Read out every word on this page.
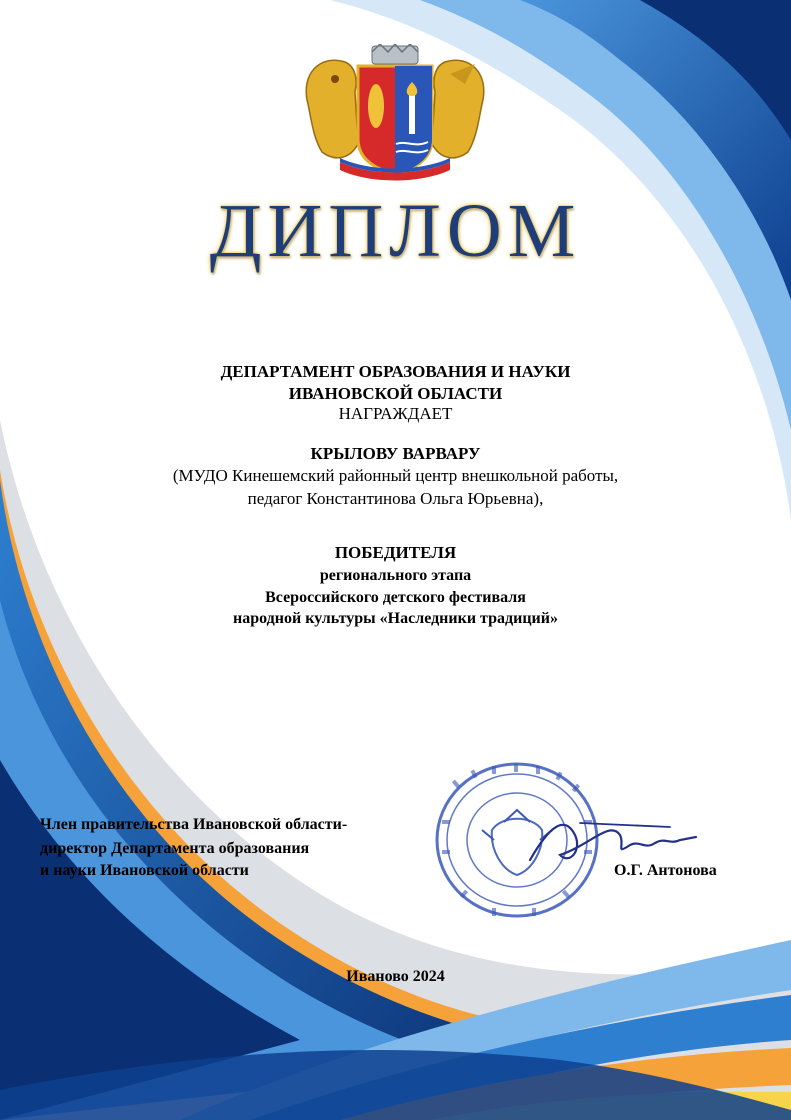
ДИПЛОМ
ДЕПАРТАМЕНТ ОБРАЗОВАНИЯ И НАУКИ
ИВАНОВСКОЙ ОБЛАСТИ
НАГРАЖДАЕТ
КРЫЛОВУ ВАРВАРУ
(МУДО Кинешемский районный центр внешкольной работы,
педагог Константинова Ольга Юрьевна),
ПОБЕДИТЕЛЯ
регионального этапа
Всероссийского детского фестиваля
народной культуры «Наследники традиций»
Член правительства Ивановской области-
директор Департамента образования
и науки Ивановской области	О.Г. Антонова
Иваново 2024
